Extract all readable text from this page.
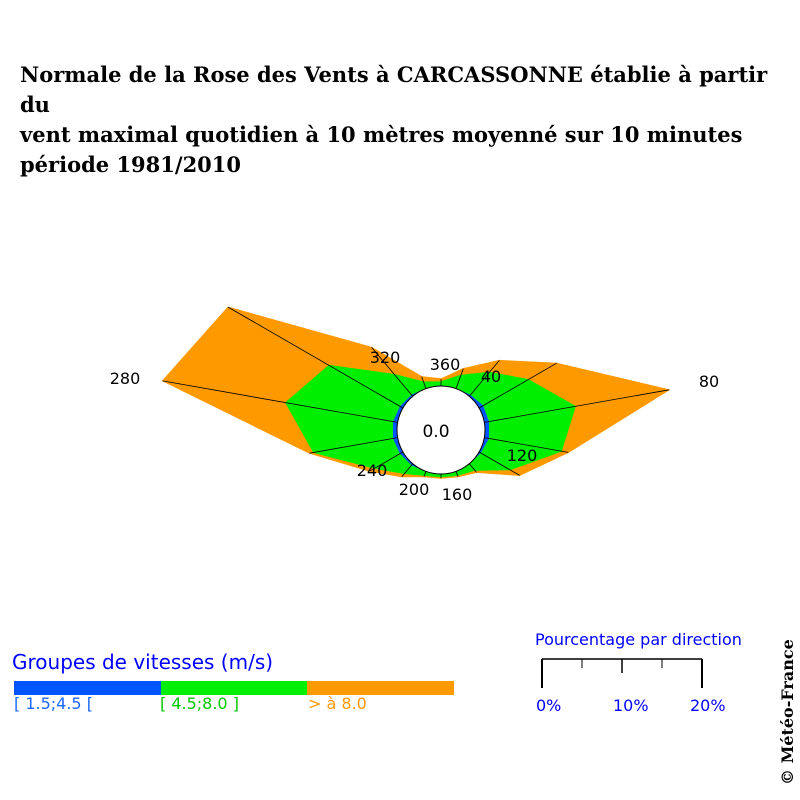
Normale de la Rose des Vents à CARCASSONNE établie à partir du
vent maximal quotidien à 10 mètres moyenné sur 10 minutes
période 1981/2010
0.0
360
40	80
120
160
200
240
280
320
Groupes de vitesses (m/s)
[ 1.5;4.5 [	[ 4.5;8.0 ]	> à 8.0
Pourcentage par direction
0%	10%	20%	© Météo-France
